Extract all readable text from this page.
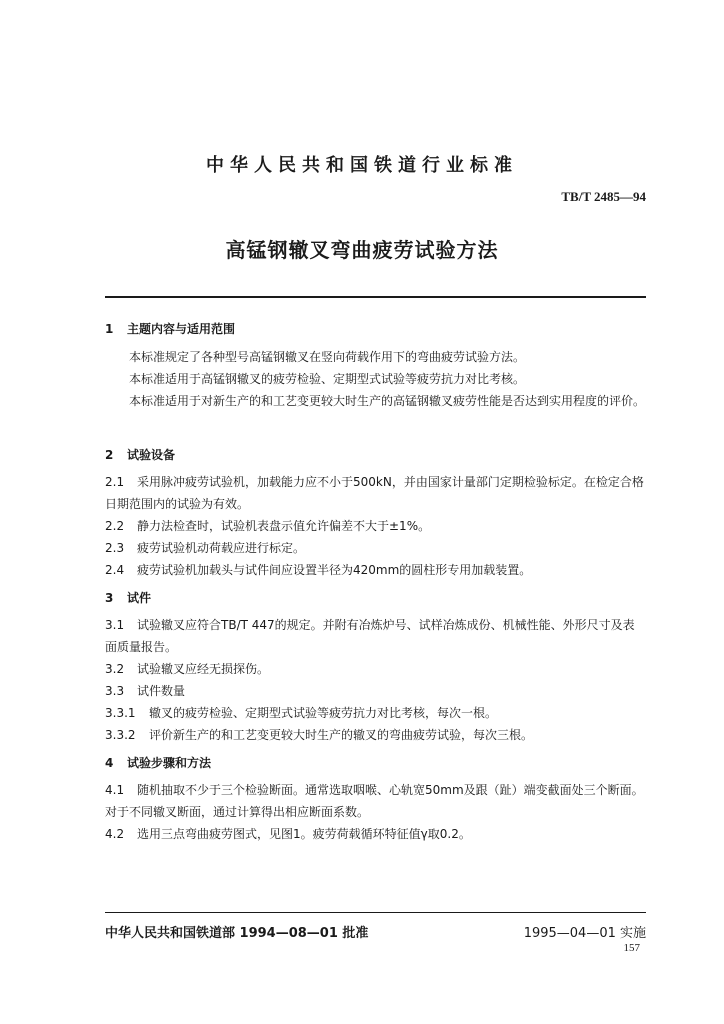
中华人民共和国铁道行业标准
TB/T 2485—94
高锰钢辙叉弯曲疲劳试验方法
1 主题内容与适用范围
本标准规定了各种型号高锰钢辙叉在竖向荷载作用下的弯曲疲劳试验方法。
本标准适用于高锰钢辙叉的疲劳检验、定期型式试验等疲劳抗力对比考核。
本标准适用于对新生产的和工艺变更较大时生产的高锰钢辙叉疲劳性能是否达到实用程度的评价。
2 试验设备
2.1 采用脉冲疲劳试验机，加载能力应不小于500kN，并由国家计量部门定期检验标定。在检定合格日期范围内的试验为有效。
2.2 静力法检查时，试验机表盘示值允许偏差不大于±1%。
2.3 疲劳试验机动荷载应进行标定。
2.4 疲劳试验机加载头与试件间应设置半径为420mm的圆柱形专用加载装置。
3 试件
3.1 试验辙叉应符合TB/T 447的规定。并附有冶炼炉号、试样冶炼成份、机械性能、外形尺寸及表面质量报告。
3.2 试验辙叉应经无损探伤。
3.3 试件数量
3.3.1 辙叉的疲劳检验、定期型式试验等疲劳抗力对比考核，每次一根。
3.3.2 评价新生产的和工艺变更较大时生产的辙叉的弯曲疲劳试验，每次三根。
4 试验步骤和方法
4.1 随机抽取不少于三个检验断面。通常选取咽喉、心轨宽50mm及跟（趾）端变截面处三个断面。对于不同辙叉断面，通过计算得出相应断面系数。
4.2 选用三点弯曲疲劳图式，见图1。疲劳荷载循环特征值γ取0.2。
中华人民共和国铁道部 1994—08—01 批准	1995—04—01 实施
157
